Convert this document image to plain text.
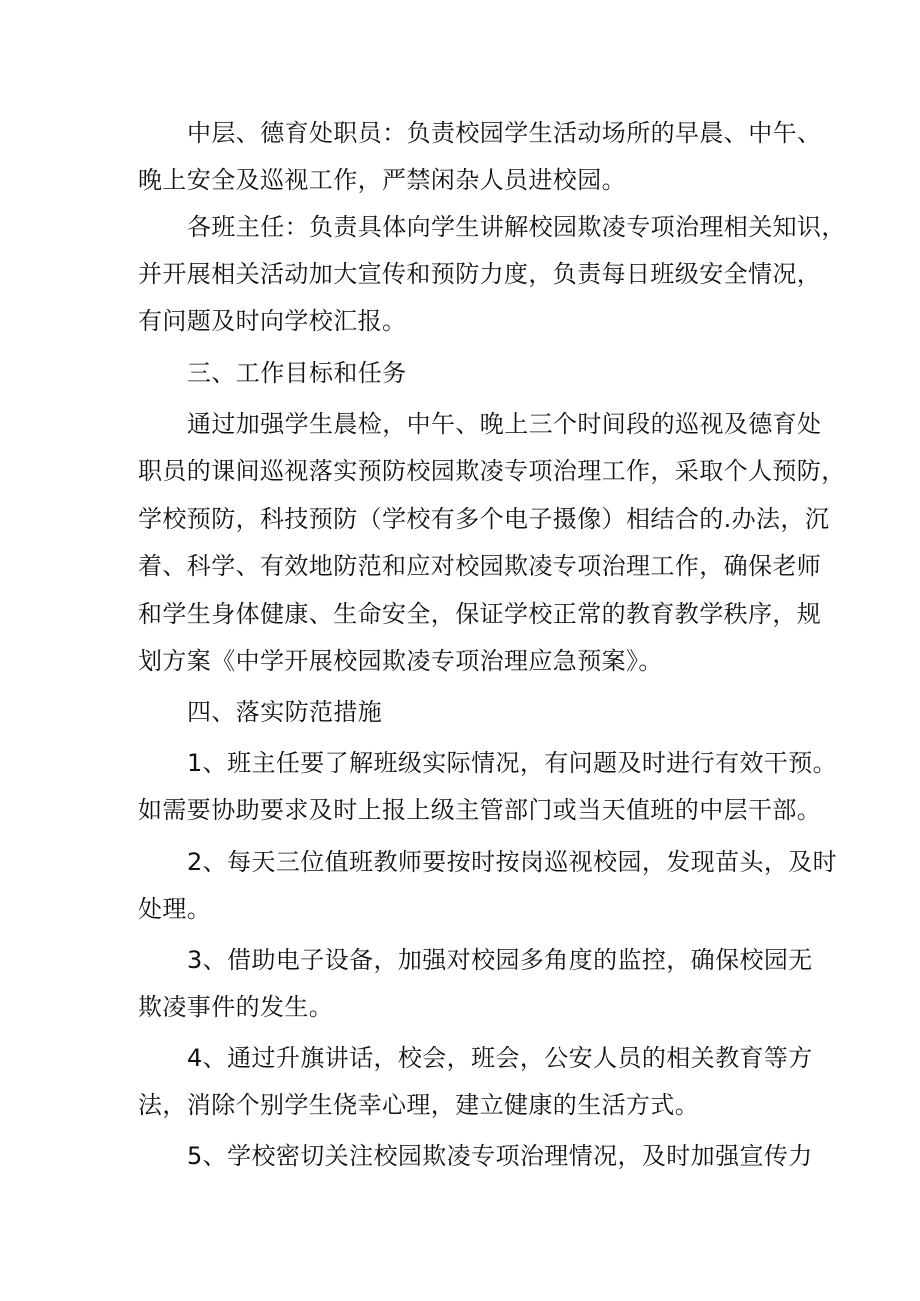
中层、德育处职员：负责校园学生活动场所的早晨、中午、
晚上安全及巡视工作，严禁闲杂人员进校园。
各班主任：负责具体向学生讲解校园欺凌专项治理相关知识，
并开展相关活动加大宣传和预防力度，负责每日班级安全情况，
有问题及时向学校汇报。
三、工作目标和任务
通过加强学生晨检，中午、晚上三个时间段的巡视及德育处
职员的课间巡视落实预防校园欺凌专项治理工作，采取个人预防，
学校预防，科技预防（学校有多个电子摄像）相结合的.办法，沉
着、科学、有效地防范和应对校园欺凌专项治理工作，确保老师
和学生身体健康、生命安全，保证学校正常的教育教学秩序，规
划方案《中学开展校园欺凌专项治理应急预案》。
四、落实防范措施
1、班主任要了解班级实际情况，有问题及时进行有效干预。
如需要协助要求及时上报上级主管部门或当天值班的中层干部。
2、每天三位值班教师要按时按岗巡视校园，发现苗头，及时
处理。
3、借助电子设备，加强对校园多角度的监控，确保校园无
欺凌事件的发生。
4、通过升旗讲话，校会，班会，公安人员的相关教育等方
法，消除个别学生侥幸心理，建立健康的生活方式。
5、学校密切关注校园欺凌专项治理情况，及时加强宣传力
